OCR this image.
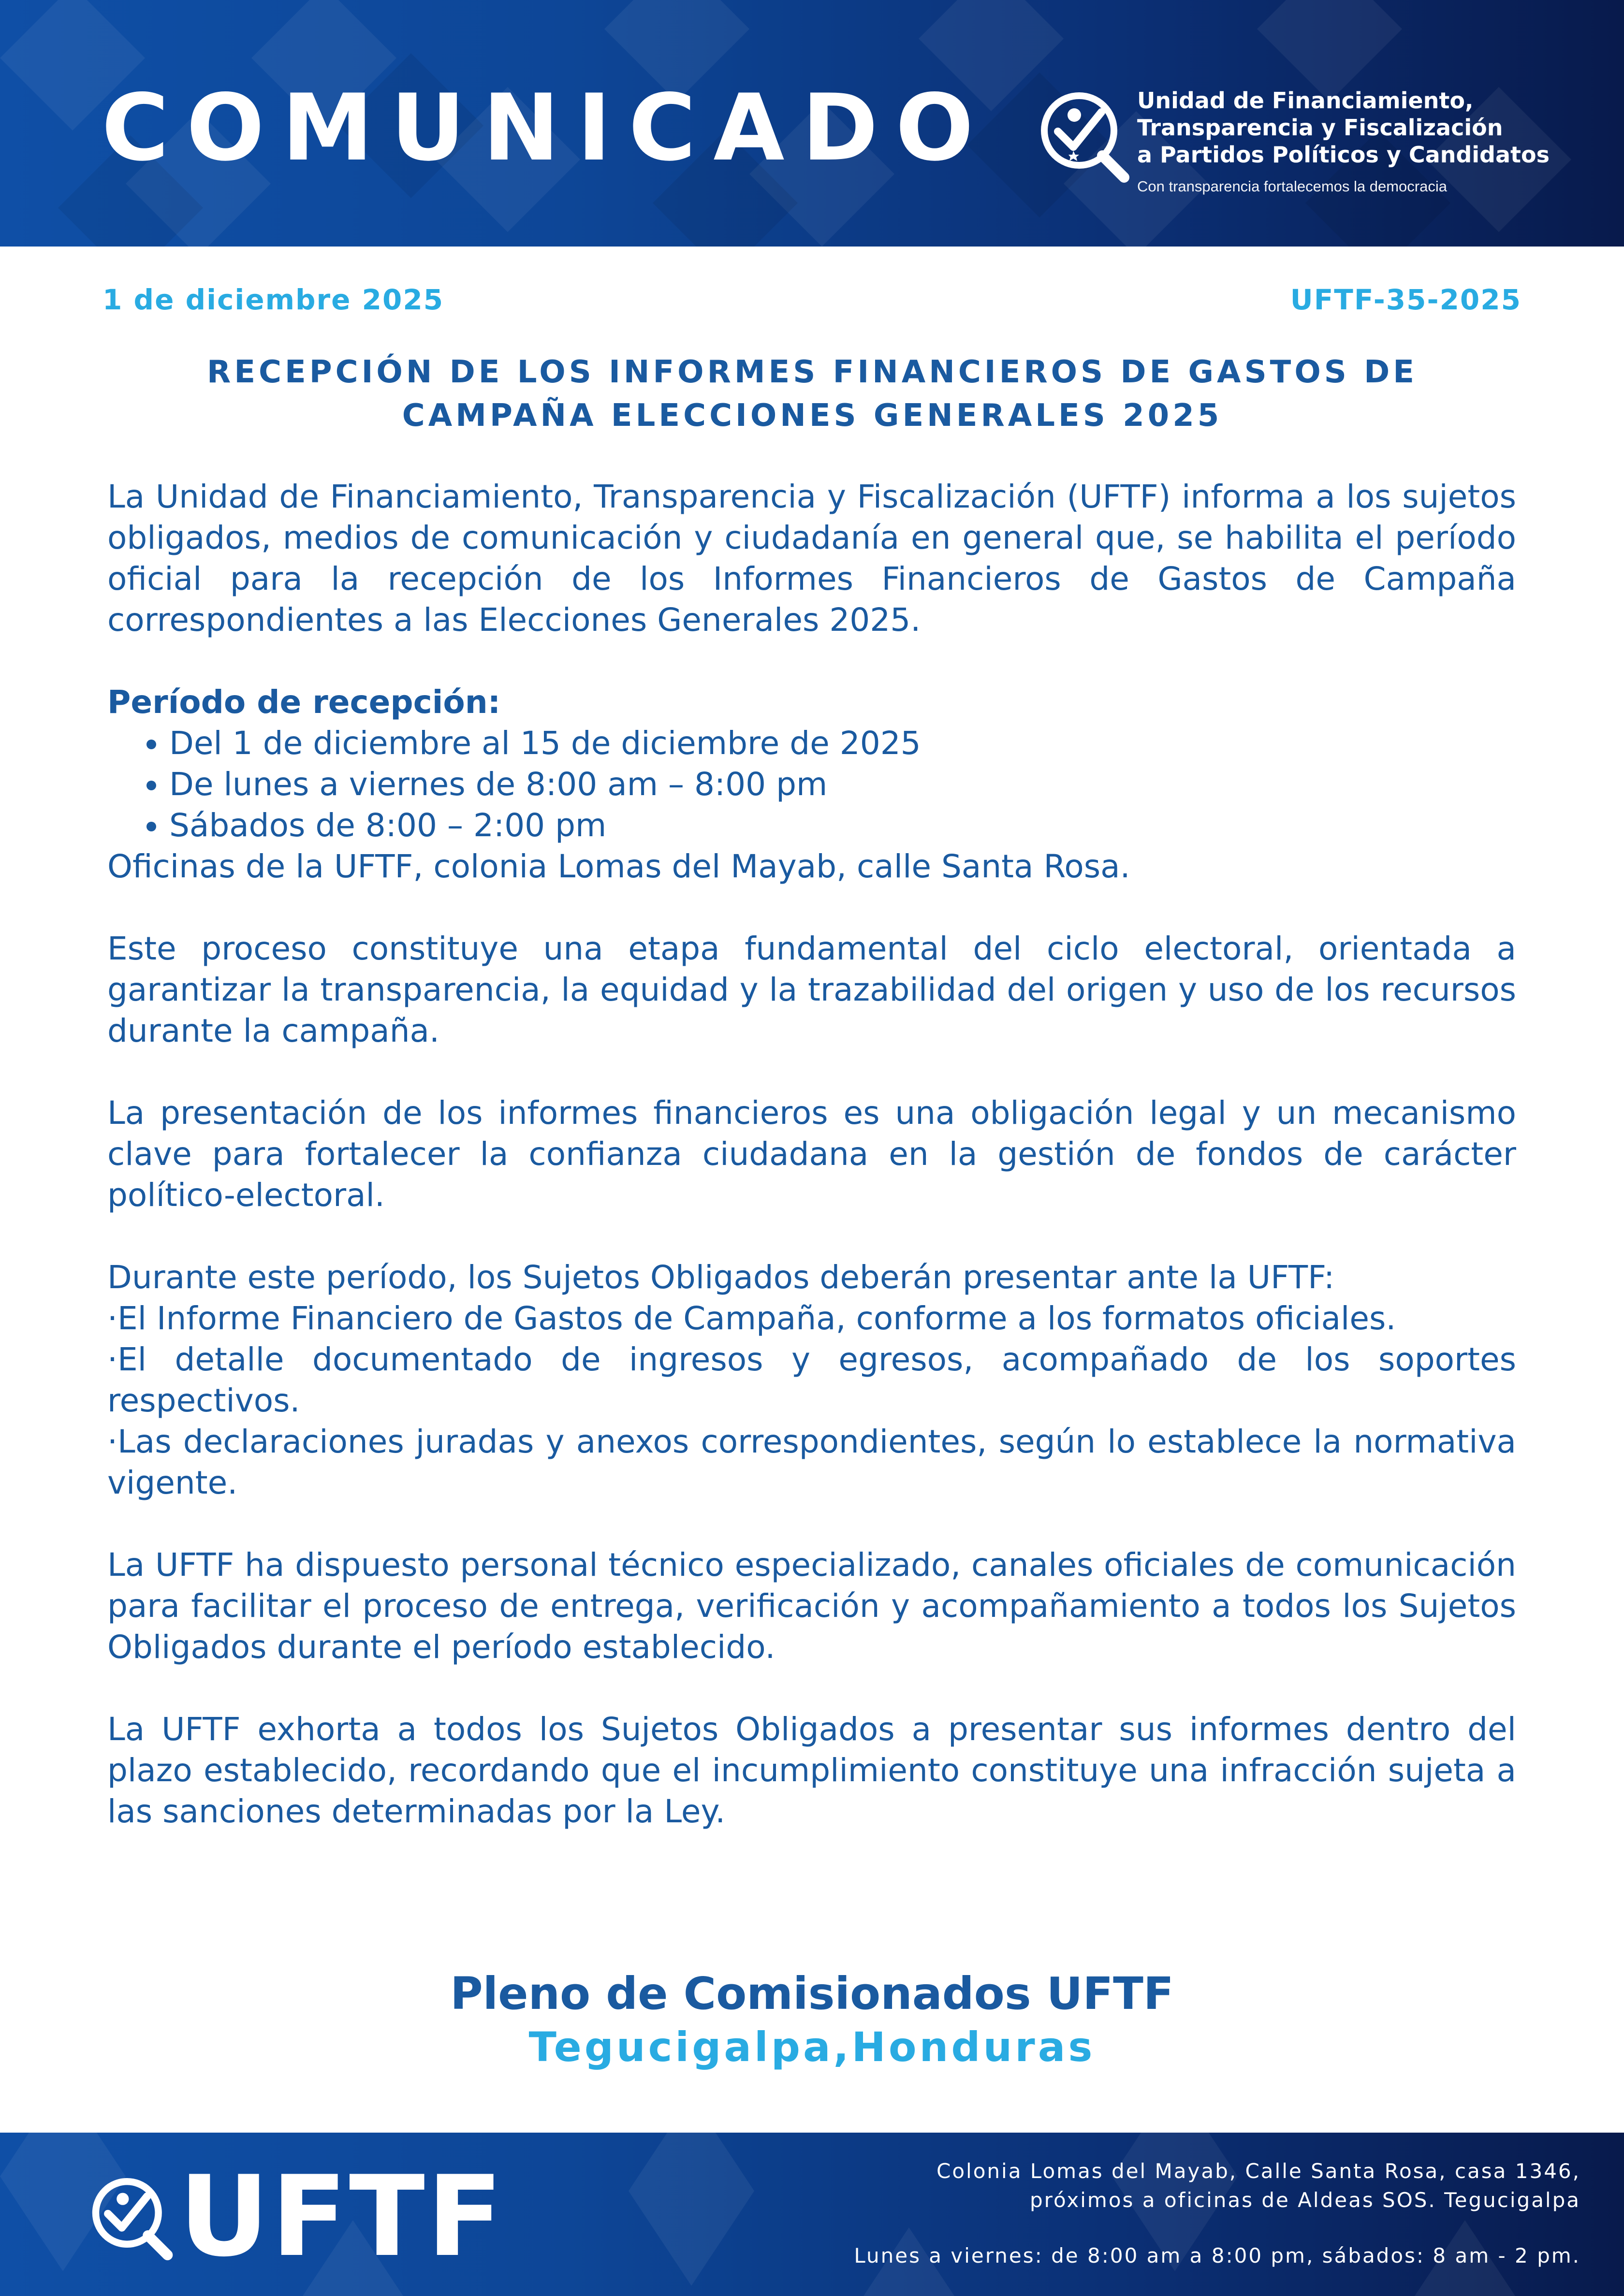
COMUNICADO	Unidad de Financiamiento,
Transparencia y Fiscalización
a Partidos Políticos y Candidatos
Con transparencia fortalecemos la democracia
1 de diciembre 2025	UFTF-35-2025
RECEPCIÓN DE LOS INFORMES FINANCIEROS DE GASTOS DE
CAMPAÑA ELECCIONES GENERALES 2025

La Unidad de Financiamiento, Transparencia y Fiscalización (UFTF) informa a los sujetos obligados, medios de comunicación y ciudadanía en general que, se habilita el período oficial para la recepción de los Informes Financieros de Gastos de Campaña correspondientes a las Elecciones Generales 2025.

Período de recepción:
• Del 1 de diciembre al 15 de diciembre de 2025
• De lunes a viernes de 8:00 am – 8:00 pm
• Sábados de 8:00 – 2:00 pm
Oficinas de la UFTF, colonia Lomas del Mayab, calle Santa Rosa.

Este proceso constituye una etapa fundamental del ciclo electoral, orientada a garantizar la transparencia, la equidad y la trazabilidad del origen y uso de los recursos durante la campaña.

La presentación de los informes financieros es una obligación legal y un mecanismo clave para fortalecer la confianza ciudadana en la gestión de fondos de carácter político-electoral.

Durante este período, los Sujetos Obligados deberán presentar ante la UFTF:

·El Informe Financiero de Gastos de Campaña, conforme a los formatos oficiales.

·El detalle documentado de ingresos y egresos, acompañado de los soportes respectivos.

·Las declaraciones juradas y anexos correspondientes, según lo establece la normativa vigente.

La UFTF ha dispuesto personal técnico especializado, canales oficiales de comunicación para facilitar el proceso de entrega, verificación y acompañamiento a todos los Sujetos Obligados durante el período establecido.

La UFTF exhorta a todos los Sujetos Obligados a presentar sus informes dentro del plazo establecido, recordando que el incumplimiento constituye una infracción sujeta a las sanciones determinadas por la Ley.

Pleno de Comisionados UFTF
Tegucigalpa,Honduras
UFTF	Colonia Lomas del Mayab, Calle Santa Rosa, casa 1346,
próximos a oficinas de Aldeas SOS. Tegucigalpa
Lunes a viernes: de 8:00 am a 8:00 pm, sábados: 8 am - 2 pm.
